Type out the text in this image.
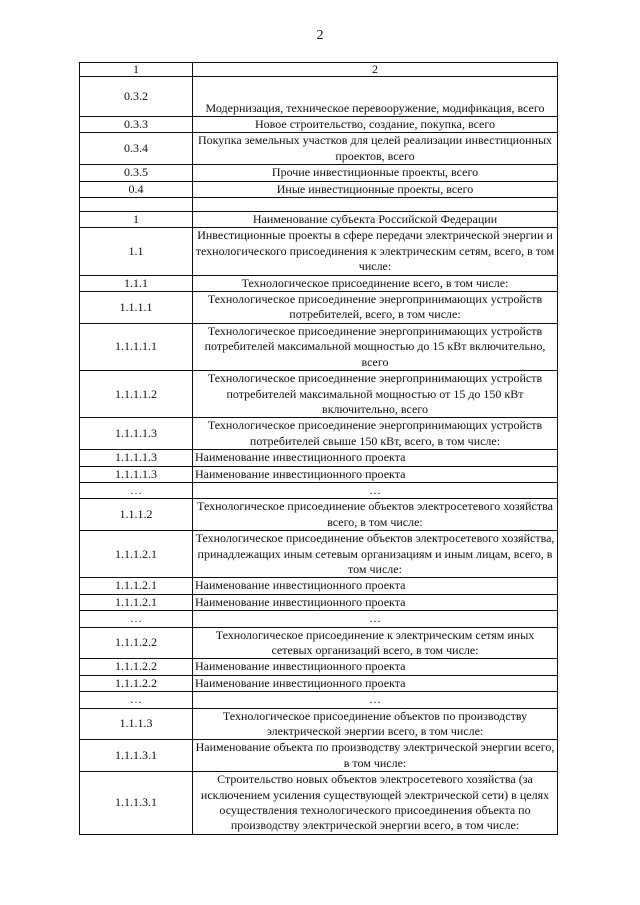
2
1	2
0.3.2	Модернизация, техническое перевооружение, модификация, всего
0.3.3	Новое строительство, создание, покупка, всего
0.3.4	Покупка земельных участков для целей реализации инвестиционных проектов, всего
0.3.5	Прочие инвестиционные проекты, всего
0.4	Иные инвестиционные проекты, всего

1	Наименование субъекта Российской Федерации
1.1	Инвестиционные проекты в сфере передачи электрической энергии и технологического присоединения к электрическим сетям, всего, в том числе:
1.1.1	Технологическое присоединение всего, в том числе:
1.1.1.1	Технологическое присоединение энергопринимающих устройств потребителей, всего, в том числе:
1.1.1.1.1	Технологическое присоединение энергопринимающих устройств потребителей максимальной мощностью до 15 кВт включительно, всего
1.1.1.1.2	Технологическое присоединение энергопринимающих устройств потребителей максимальной мощностью от 15 до 150 кВт включительно, всего
1.1.1.1.3	Технологическое присоединение энергопринимающих устройств потребителей свыше 150 кВт, всего, в том числе:
1.1.1.1.3	Наименование инвестиционного проекта
1.1.1.1.3	Наименование инвестиционного проекта
…	…
1.1.1.2	Технологическое присоединение объектов электросетевого хозяйства всего, в том числе:
1.1.1.2.1	Технологическое присоединение объектов электросетевого хозяйства, принадлежащих иным сетевым организациям и иным лицам, всего, в том числе:
1.1.1.2.1	Наименование инвестиционного проекта
1.1.1.2.1	Наименование инвестиционного проекта
…	…
1.1.1.2.2	Технологическое присоединение к электрическим сетям иных сетевых организаций всего, в том числе:
1.1.1.2.2	Наименование инвестиционного проекта
1.1.1.2.2	Наименование инвестиционного проекта
…	…
1.1.1.3	Технологическое присоединение объектов по производству электрической энергии всего, в том числе:
1.1.1.3.1	Наименование объекта по производству электрической энергии всего, в том числе:
1.1.1.3.1	Строительство новых объектов электросетевого хозяйства (за исключением усиления существующей электрической сети) в целях осуществления технологического присоединения объекта по производству электрической энергии всего, в том числе:
